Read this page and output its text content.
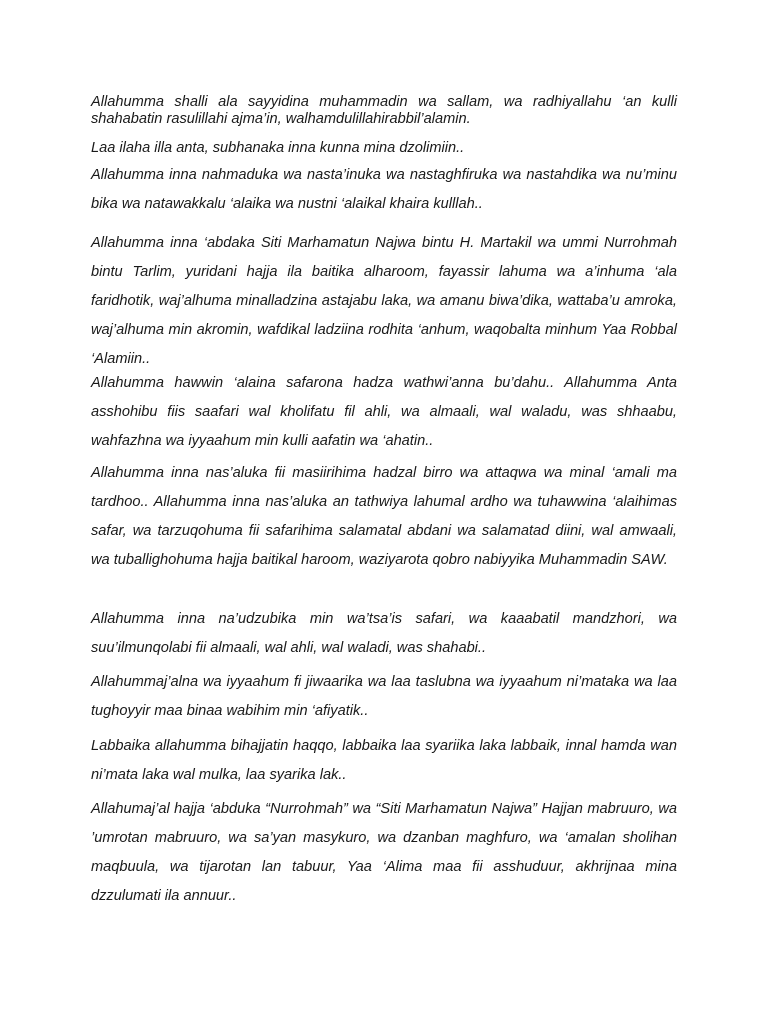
Allahumma shalli ala sayyidina muhammadin wa sallam, wa radhiyallahu ‘an kulli shahabatin rasulillahi ajma’in, walhamdulillahirabbil’alamin.

Laa ilaha illa anta, subhanaka inna kunna mina dzolimiin..

Allahumma inna nahmaduka wa nasta’inuka wa nastaghfiruka wa nastahdika wa nu’minu bika wa natawakkalu ‘alaika wa nustni ‘alaikal khaira kulllah..

Allahumma inna ‘abdaka Siti Marhamatun Najwa bintu H. Martakil wa ummi Nurrohmah bintu Tarlim, yuridani hajja ila baitika alharoom, fayassir lahuma wa a’inhuma ‘ala faridhotik, waj’alhuma minalladzina astajabu laka, wa amanu biwa’dika, wattaba’u amroka, waj’alhuma min akromin, wafdikal ladziina rodhita ‘anhum, waqobalta minhum Yaa Robbal ‘Alamiin..

Allahumma hawwin ‘alaina safarona hadza wathwi’anna bu’dahu.. Allahumma Anta asshohibu fiis saafari wal kholifatu fil ahli, wa almaali, wal waladu, was shhaabu, wahfazhna wa iyyaahum min kulli aafatin wa ‘ahatin..

Allahumma inna nas’aluka fii masiirihima hadzal birro wa attaqwa wa minal ‘amali ma tardhoo.. Allahumma inna nas’aluka an tathwiya lahumal ardho wa tuhawwina ‘alaihimas safar, wa tarzuqohuma fii safarihima salamatal abdani wa salamatad diini, wal amwaali, wa tuballighohuma hajja baitikal haroom, waziyarota qobro nabiyyika Muhammadin SAW.

Allahumma inna na’udzubika min wa’tsa’is safari, wa kaaabatil mandzhori, wa suu’ilmunqolabi fii almaali, wal ahli, wal waladi, was shahabi..

Allahummaj’alna wa iyyaahum fi jiwaarika wa laa taslubna wa iyyaahum ni’mataka wa laa tughoyyir maa binaa wabihim min ‘afiyatik..

Labbaika allahumma bihajjatin haqqo, labbaika laa syariika laka labbaik, innal hamda wan ni’mata laka wal mulka, laa syarika lak..

Allahumaj’al hajja ‘abduka “Nurrohmah” wa “Siti Marhamatun Najwa” Hajjan mabruuro, wa ’umrotan mabruuro, wa sa’yan masykuro, wa dzanban maghfuro, wa ‘amalan sholihan maqbuula, wa tijarotan lan tabuur, Yaa ‘Alima maa fii asshuduur, akhrijnaa mina dzzulumati ila annuur..
